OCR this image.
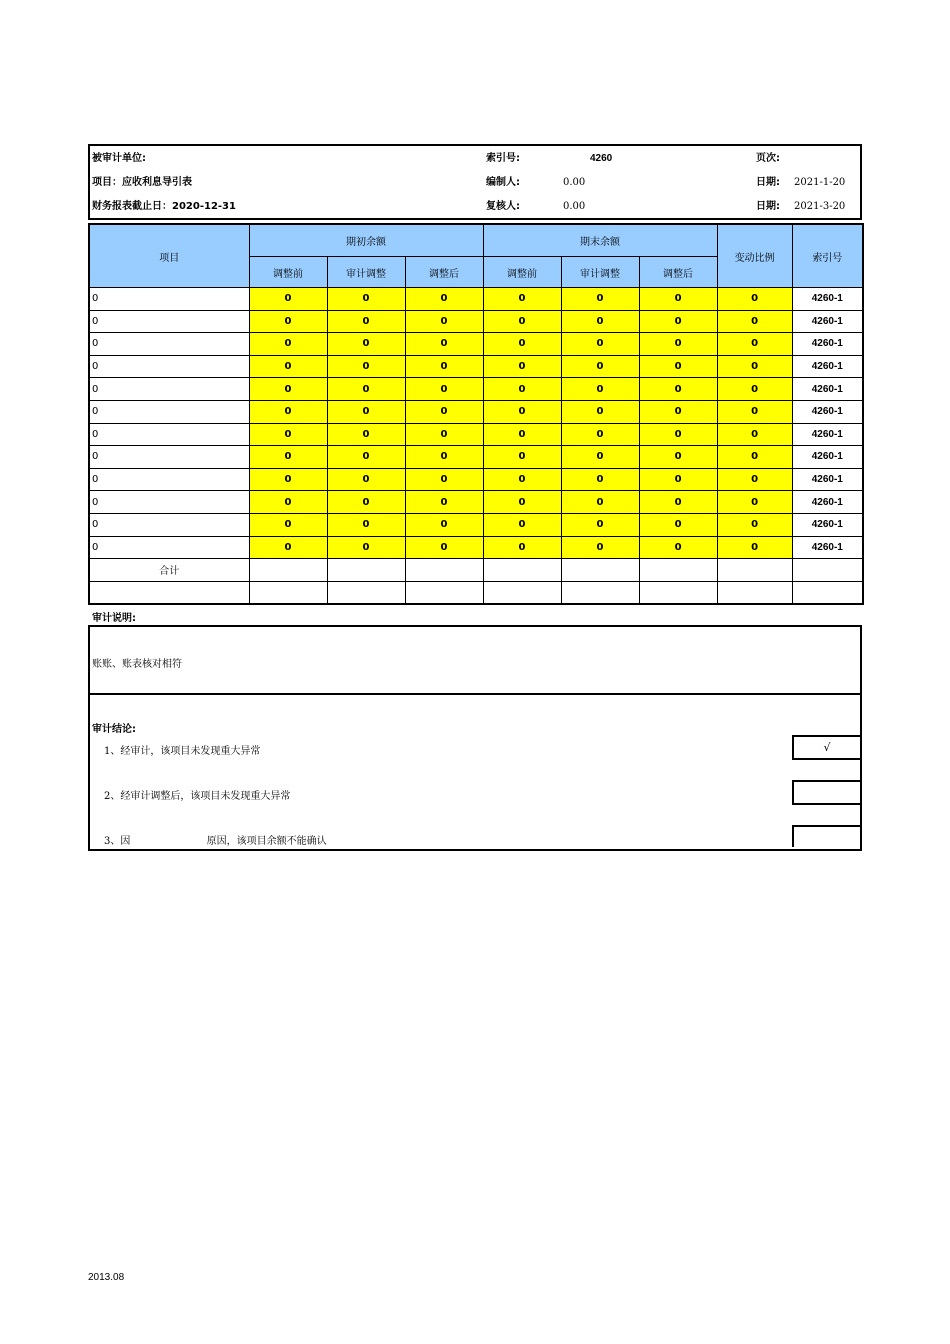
被审计单位:	索引号:	4260	页次:
项目：应收利息导引表	编制人:	0.00	日期: 2021-1-20
财务报表截止日：2020-12-31	复核人:	0.00	日期: 2021-3-20
项目	期初余额			期末余额			变动比例	索引号
	调整前	审计调整	调整后	调整前	审计调整	调整后		
0	0	0	0	0	0	0	0	4260-1
0	0	0	0	0	0	0	0	4260-1
0	0	0	0	0	0	0	0	4260-1
0	0	0	0	0	0	0	0	4260-1
0	0	0	0	0	0	0	0	4260-1
0	0	0	0	0	0	0	0	4260-1
0	0	0	0	0	0	0	0	4260-1
0	0	0	0	0	0	0	0	4260-1
0	0	0	0	0	0	0	0	4260-1
0	0	0	0	0	0	0	0	4260-1
0	0	0	0	0	0	0	0	4260-1
0	0	0	0	0	0	0	0	4260-1
合计								

审计说明:
账账、账表核对相符
审计结论:
1、经审计，该项目未发现重大异常	√
2、经审计调整后，该项目未发现重大异常
3、因                        原因，该项目余额不能确认
2013.08
